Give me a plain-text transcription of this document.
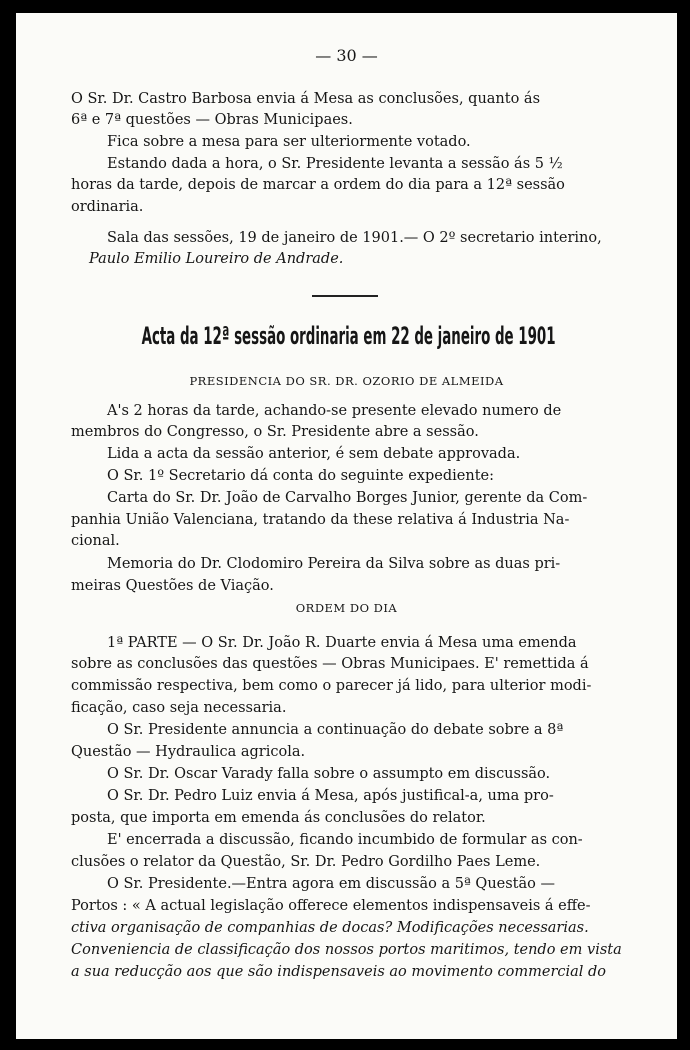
— 30 —
O Sr. Dr. Castro Barbosa envia á Mesa as conclusões, quanto ás
6ª e 7ª questões — Obras Municipaes.
Fica sobre a mesa para ser ulteriormente votado.
Estando dada a hora, o Sr. Presidente levanta a sessão ás 5 ½
horas da tarde, depois de marcar a ordem do dia para a 12ª sessão
ordinaria.
Sala das sessões, 19 de janeiro de 1901.— O 2º secretario interino,
Paulo Emilio Loureiro de Andrade.
Acta da 12ª sessão ordinaria em 22 de janeiro de 1901
PRESIDENCIA DO SR. DR. OZORIO DE ALMEIDA
A's 2 horas da tarde, achando-se presente elevado numero de
membros do Congresso, o Sr. Presidente abre a sessão.
Lida a acta da sessão anterior, é sem debate approvada.
O Sr. 1º Secretario dá conta do seguinte expediente:
Carta do Sr. Dr. João de Carvalho Borges Junior, gerente da Com-
panhia União Valenciana, tratando da these relativa á Industria Na-
cional.
Memoria do Dr. Clodomiro Pereira da Silva sobre as duas pri-
meiras Questões de Viação.
ORDEM DO DIA
1ª PARTE — O Sr. Dr. João R. Duarte envia á Mesa uma emenda
sobre as conclusões das questões — Obras Municipaes. E' remettida á
commissão respectiva, bem como o parecer já lido, para ulterior modi-
ficação, caso seja necessaria.
O Sr. Presidente annuncia a continuação do debate sobre a 8ª
Questão — Hydraulica agricola.
O Sr. Dr. Oscar Varady falla sobre o assumpto em discussão.
O Sr. Dr. Pedro Luiz envia á Mesa, após justifical-a, uma pro-
posta, que importa em emenda ás conclusões do relator.
E' encerrada a discussão, ficando incumbido de formular as con-
clusões o relator da Questão, Sr. Dr. Pedro Gordilho Paes Leme.
O Sr. Presidente.—Entra agora em discussão a 5ª Questão —
Portos : « A actual legislação offerece elementos indispensaveis á effe-
ctiva organisação de companhias de docas? Modificações necessarias.
Conveniencia de classificação dos nossos portos maritimos, tendo em vista
a sua reducção aos que são indispensaveis ao movimento commercial do
